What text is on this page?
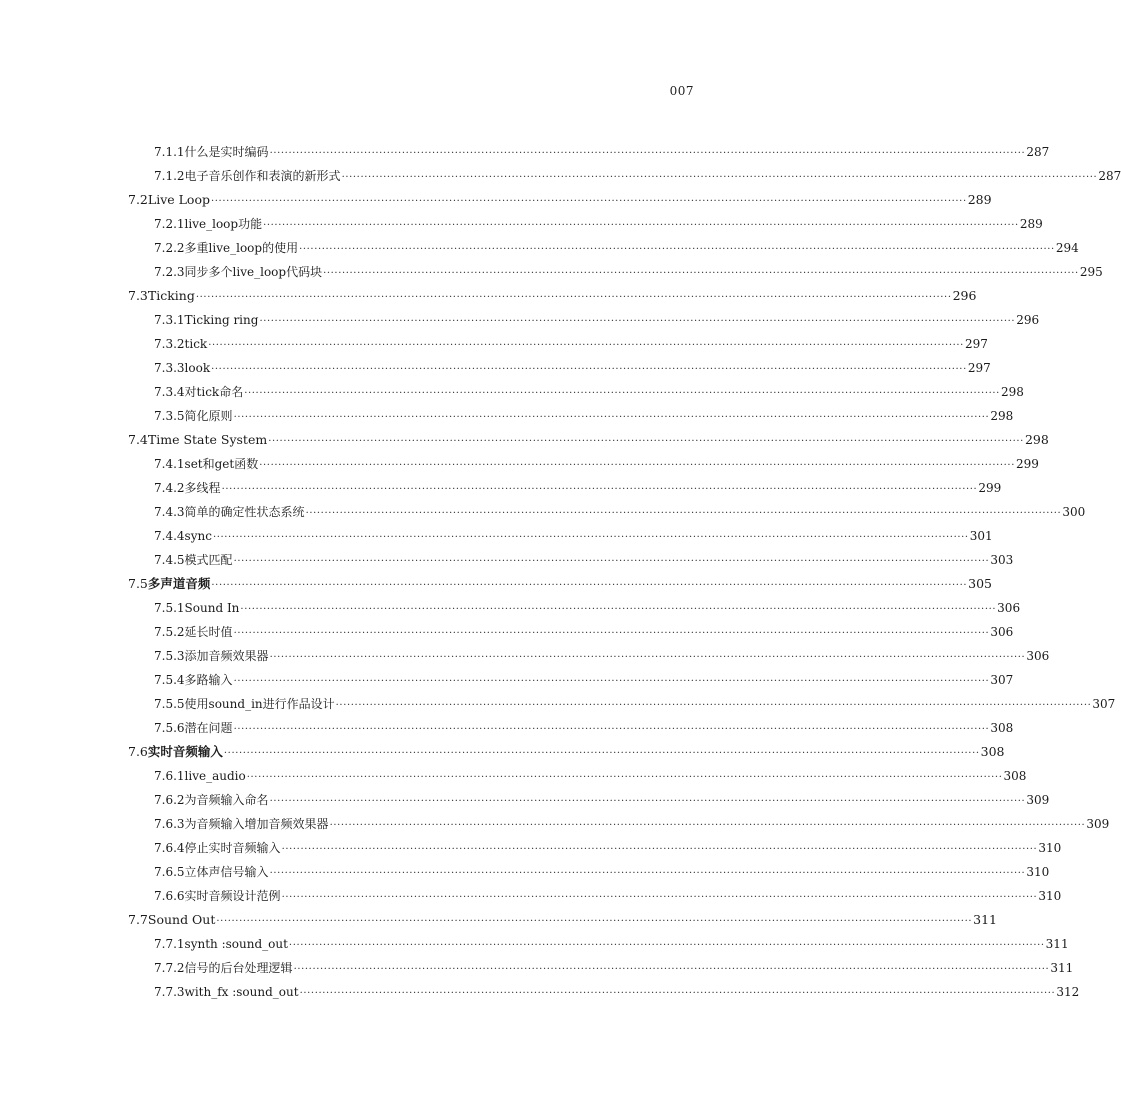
007
7.1.1 什么是实时编码 ········································································································································································································ 287
7.1.2 电子音乐创作和表演的新形式 ········································································································································································································ 287
7.2 Live Loop ········································································································································································································ 289
7.2.1 live_loop功能 ········································································································································································································ 289
7.2.2 多重live_loop的使用 ········································································································································································································ 294
7.2.3 同步多个live_loop代码块 ········································································································································································································ 295
7.3 Ticking ········································································································································································································ 296
7.3.1 Ticking ring ········································································································································································································ 296
7.3.2 tick ········································································································································································································ 297
7.3.3 look ········································································································································································································ 297
7.3.4 对tick命名 ········································································································································································································ 298
7.3.5 简化原则 ········································································································································································································ 298
7.4 Time State System ········································································································································································································ 298
7.4.1 set和get函数 ········································································································································································································ 299
7.4.2 多线程 ········································································································································································································ 299
7.4.3 简单的确定性状态系统 ········································································································································································································ 300
7.4.4 sync ········································································································································································································ 301
7.4.5 模式匹配 ········································································································································································································ 303
7.5 多声道音频 ········································································································································································································ 305
7.5.1 Sound In ········································································································································································································ 306
7.5.2 延长时值 ········································································································································································································ 306
7.5.3 添加音频效果器 ········································································································································································································ 306
7.5.4 多路输入 ········································································································································································································ 307
7.5.5 使用sound_in进行作品设计 ········································································································································································································ 307
7.5.6 潜在问题 ········································································································································································································ 308
7.6 实时音频输入 ········································································································································································································ 308
7.6.1 live_audio ········································································································································································································ 308
7.6.2 为音频输入命名 ········································································································································································································ 309
7.6.3 为音频输入增加音频效果器 ········································································································································································································ 309
7.6.4 停止实时音频输入 ········································································································································································································ 310
7.6.5 立体声信号输入 ········································································································································································································ 310
7.6.6 实时音频设计范例 ········································································································································································································ 310
7.7 Sound Out ········································································································································································································ 311
7.7.1 synth :sound_out ········································································································································································································ 311
7.7.2 信号的后台处理逻辑 ········································································································································································································ 311
7.7.3 with_fx :sound_out ········································································································································································································ 312
